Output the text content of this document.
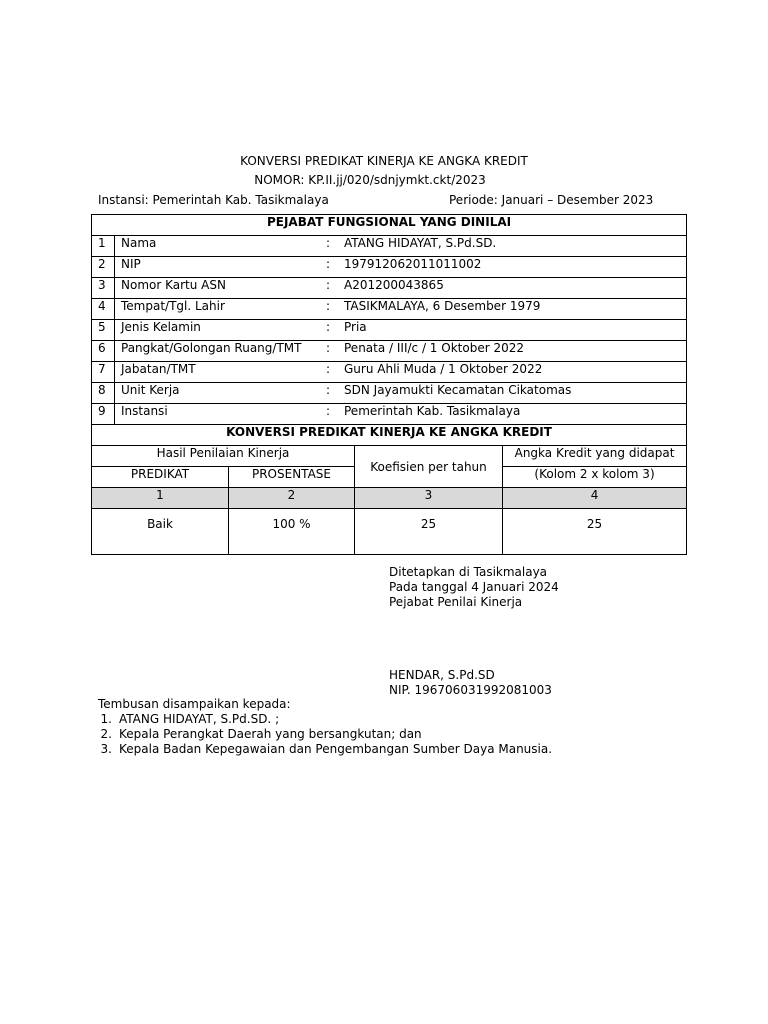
KONVERSI PREDIKAT KINERJA KE ANGKA KREDIT
NOMOR: KP.II.jj/020/sdnjymkt.ckt/2023
Instansi: Pemerintah Kab. Tasikmalaya	Periode: Januari – Desember 2023
PEJABAT FUNGSIONAL YANG DINILAI				
1	Nama : ATANG HIDAYAT, S.Pd.SD.			

2	NIP : 197912062011011002			

3	Nomor Kartu ASN : A201200043865			

4	Tempat/Tgl. Lahir : TASIKMALAYA, 6 Desember 1979			

5	Jenis Kelamin : Pria			

6	Pangkat/Golongan Ruang/TMT : Penata / III/c / 1 Oktober 2022			

7	Jabatan/TMT : Guru Ahli Muda / 1 Oktober 2022			

8	Unit Kerja : SDN Jayamukti Kecamatan Cikatomas			

9	Instansi : Pemerintah Kab. Tasikmalaya			

KONVERSI PREDIKAT KINERJA KE ANGKA KREDIT				
Hasil Penilaian Kinerja			Koefisien per tahun	Angka Kredit yang didapat
PREDIKAT		PROSENTASE		(Kolom 2 x kolom 3)
1		2	3	4
Baik		100 %	25	25
Ditetapkan di Tasikmalaya
Pada tanggal 4 Januari 2024
Pejabat Penilai Kinerja
HENDAR, S.Pd.SD
NIP. 196706031992081003
Tembusan disampaikan kepada:
1. ATANG HIDAYAT, S.Pd.SD. ;
2. Kepala Perangkat Daerah yang bersangkutan; dan
3. Kepala Badan Kepegawaian dan Pengembangan Sumber Daya Manusia.
